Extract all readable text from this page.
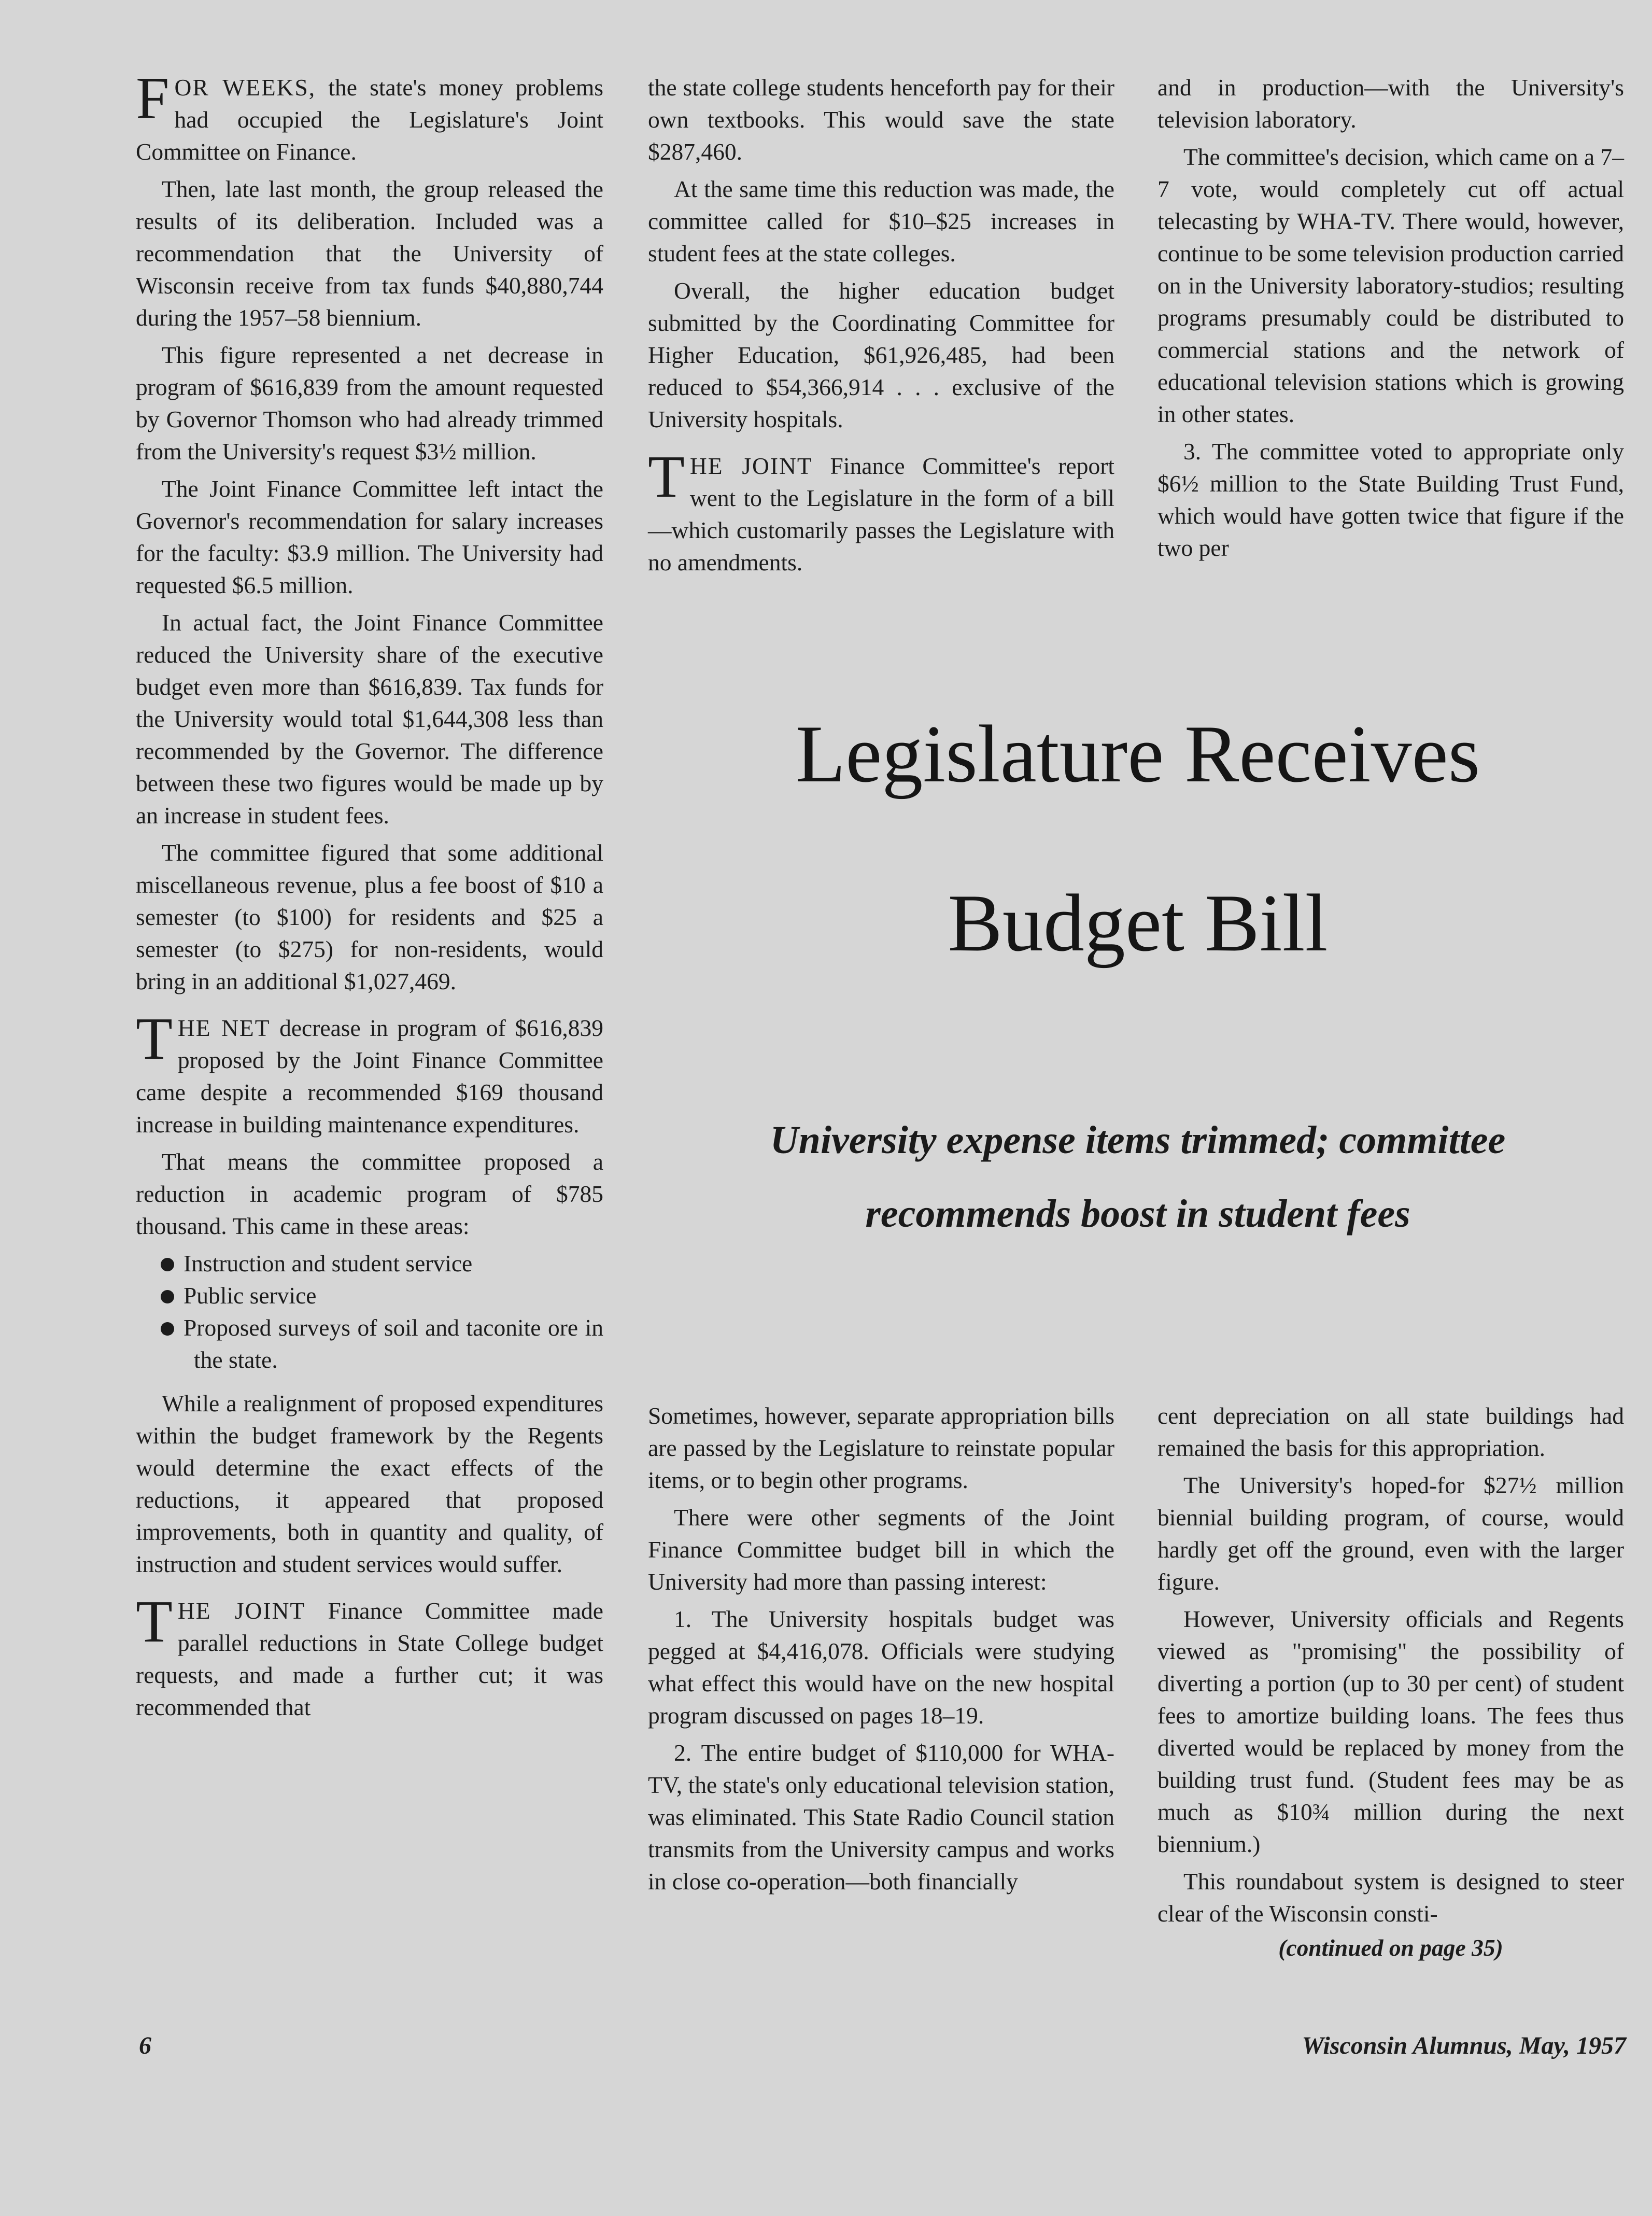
FOR WEEKS, the state's money problems had occupied the Legislature's Joint Committee on Finance.

Then, late last month, the group released the results of its deliberation. Included was a recommendation that the University of Wisconsin receive from tax funds $40,880,744 during the 1957–58 biennium.

This figure represented a net decrease in program of $616,839 from the amount requested by Governor Thomson who had already trimmed from the University's request $3½ million.

The Joint Finance Committee left intact the Governor's recommendation for salary increases for the faculty: $3.9 million. The University had requested $6.5 million.

In actual fact, the Joint Finance Committee reduced the University share of the executive budget even more than $616,839. Tax funds for the University would total $1,644,308 less than recommended by the Governor. The difference between these two figures would be made up by an increase in student fees.

The committee figured that some additional miscellaneous revenue, plus a fee boost of $10 a semester (to $100) for residents and $25 a semester (to $275) for non-residents, would bring in an additional $1,027,469.

THE NET decrease in program of $616,839 proposed by the Joint Finance Committee came despite a recommended $169 thousand increase in building maintenance expenditures.

That means the committee proposed a reduction in academic program of $785 thousand. This came in these areas:

Instruction and student service
Public service
Proposed surveys of soil and taconite ore in the state.

While a realignment of proposed expenditures within the budget framework by the Regents would determine the exact effects of the reductions, it appeared that proposed improvements, both in quantity and quality, of instruction and student services would suffer.

THE JOINT Finance Committee made parallel reductions in State College budget requests, and made a further cut; it was recommended that

the state college students henceforth pay for their own textbooks. This would save the state $287,460.

At the same time this reduction was made, the committee called for $10–$25 increases in student fees at the state colleges.

Overall, the higher education budget submitted by the Coordinating Committee for Higher Education, $61,926,485, had been reduced to $54,366,914 . . . exclusive of the University hospitals.

THE JOINT Finance Committee's report went to the Legislature in the form of a bill—which customarily passes the Legislature with no amendments.

and in production—with the University's television laboratory.

The committee's decision, which came on a 7–7 vote, would completely cut off actual telecasting by WHA-TV. There would, however, continue to be some television production carried on in the University laboratory-studios; resulting programs presumably could be distributed to commercial stations and the network of educational television stations which is growing in other states.

3. The committee voted to appropriate only $6½ million to the State Building Trust Fund, which would have gotten twice that figure if the two per

Legislature Receives
Budget Bill
University expense items trimmed; committee
recommends boost in student fees

Sometimes, however, separate appropriation bills are passed by the Legislature to reinstate popular items, or to begin other programs.

There were other segments of the Joint Finance Committee budget bill in which the University had more than passing interest:

1. The University hospitals budget was pegged at $4,416,078. Officials were studying what effect this would have on the new hospital program discussed on pages 18–19.

2. The entire budget of $110,000 for WHA-TV, the state's only educational television station, was eliminated. This State Radio Council station transmits from the University campus and works in close co-operation—both financially

cent depreciation on all state buildings had remained the basis for this appropriation.

The University's hoped-for $27½ million biennial building program, of course, would hardly get off the ground, even with the larger figure.

However, University officials and Regents viewed as "promising" the possibility of diverting a portion (up to 30 per cent) of student fees to amortize building loans. The fees thus diverted would be replaced by money from the building trust fund. (Student fees may be as much as $10¾ million during the next biennium.)

This roundabout system is designed to steer clear of the Wisconsin consti-

(continued on page 35)

6	Wisconsin Alumnus, May, 1957
